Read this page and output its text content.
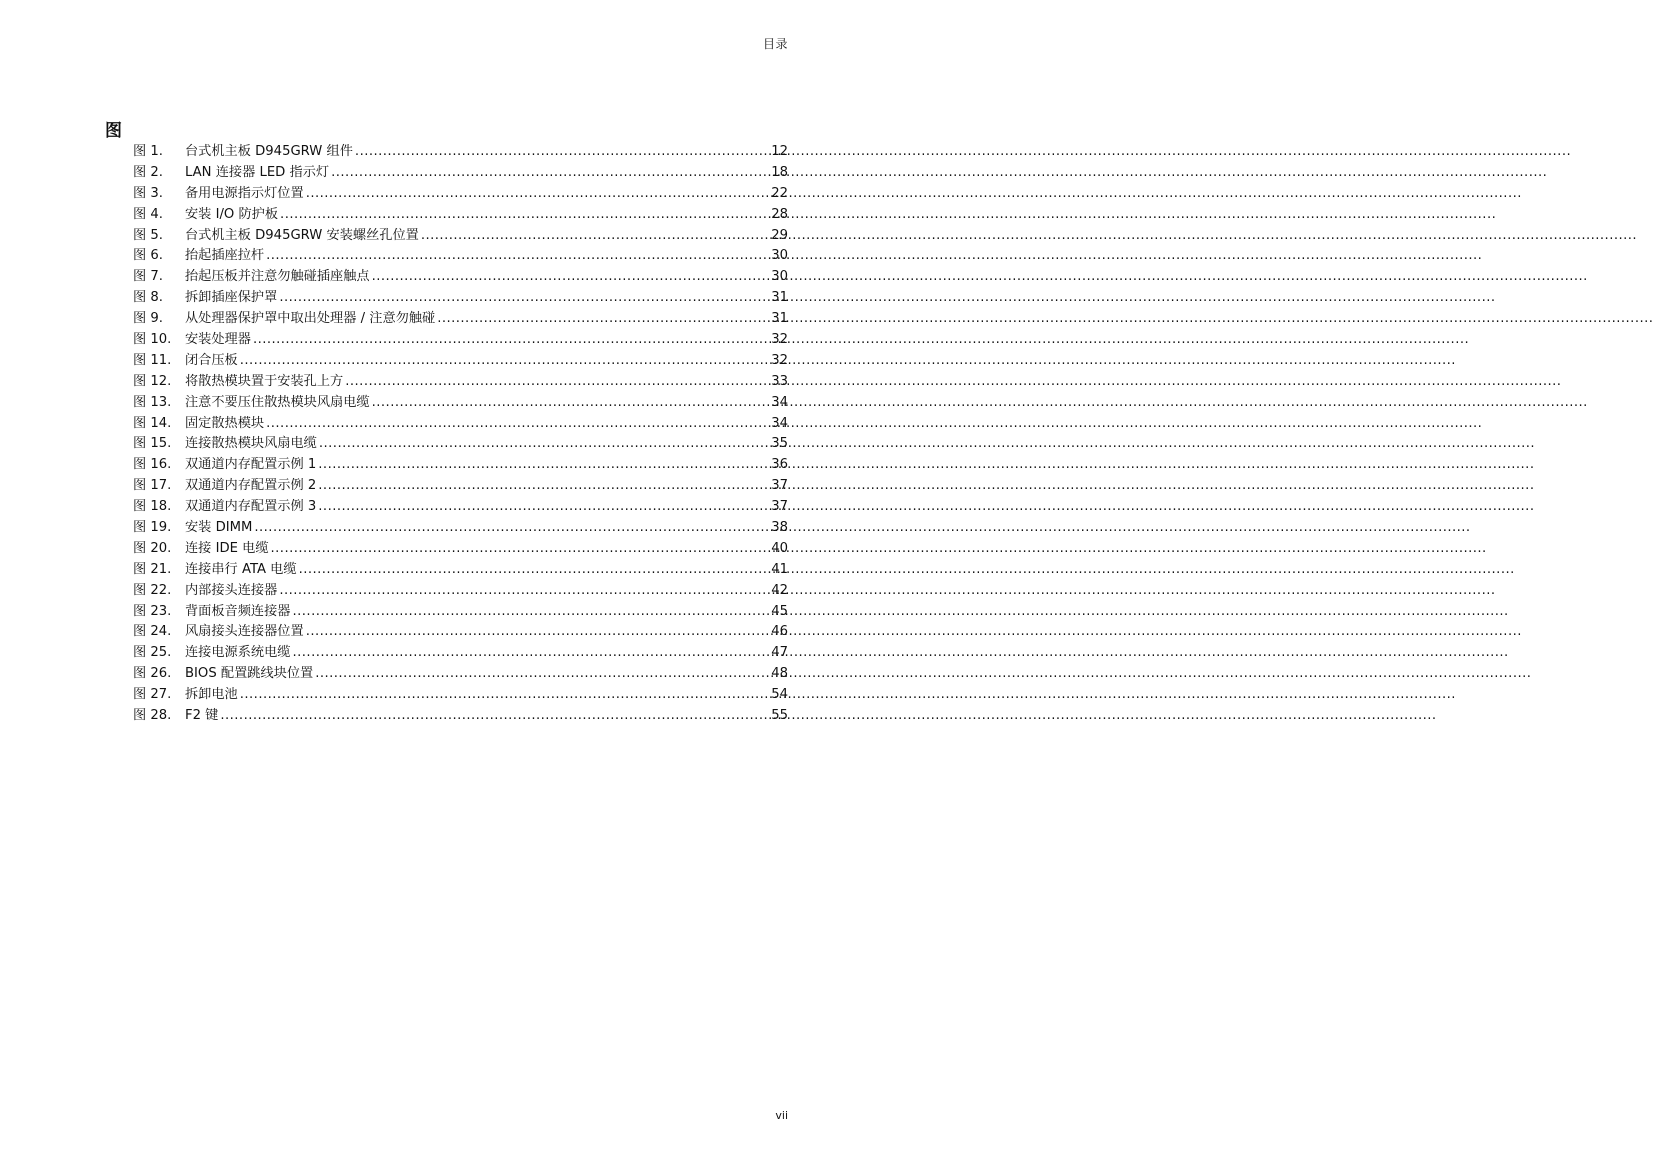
目录
图
图 1.	台式机主板 D945GRW 组件 .....	12
图 2.	LAN 连接器 LED 指示灯 .....	18
图 3.	备用电源指示灯位置 .....	22
图 4.	安装 I/O 防护板 .....	28
图 5.	台式机主板 D945GRW 安装螺丝孔位置 .....	29
图 6.	抬起插座拉杆 .....	30
图 7.	抬起压板并注意勿触碰插座触点 .....	30
图 8.	拆卸插座保护罩 .....	31
图 9.	从处理器保护罩中取出处理器 / 注意勿触碰 .....	31
图 10.	安装处理器 .....	32
图 11.	闭合压板 .....	32
图 12.	将散热模块置于安装孔上方 .....	33
图 13.	注意不要压住散热模块风扇电缆 .....	34
图 14.	固定散热模块 .....	34
图 15.	连接散热模块风扇电缆 .....	35
图 16.	双通道内存配置示例 1 .....	36
图 17.	双通道内存配置示例 2 .....	37
图 18.	双通道内存配置示例 3 .....	37
图 19.	安装 DIMM .....	38
图 20.	连接 IDE 电缆 .....	40
图 21.	连接串行 ATA 电缆 .....	41
图 22.	内部接头连接器 .....	42
图 23.	背面板音频连接器 .....	45
图 24.	风扇接头连接器位置 .....	46
图 25.	连接电源系统电缆 .....	47
图 26.	BIOS 配置跳线块位置 .....	48
图 27.	拆卸电池 .....	54
图 28.	F2 键 .....	55
vii
